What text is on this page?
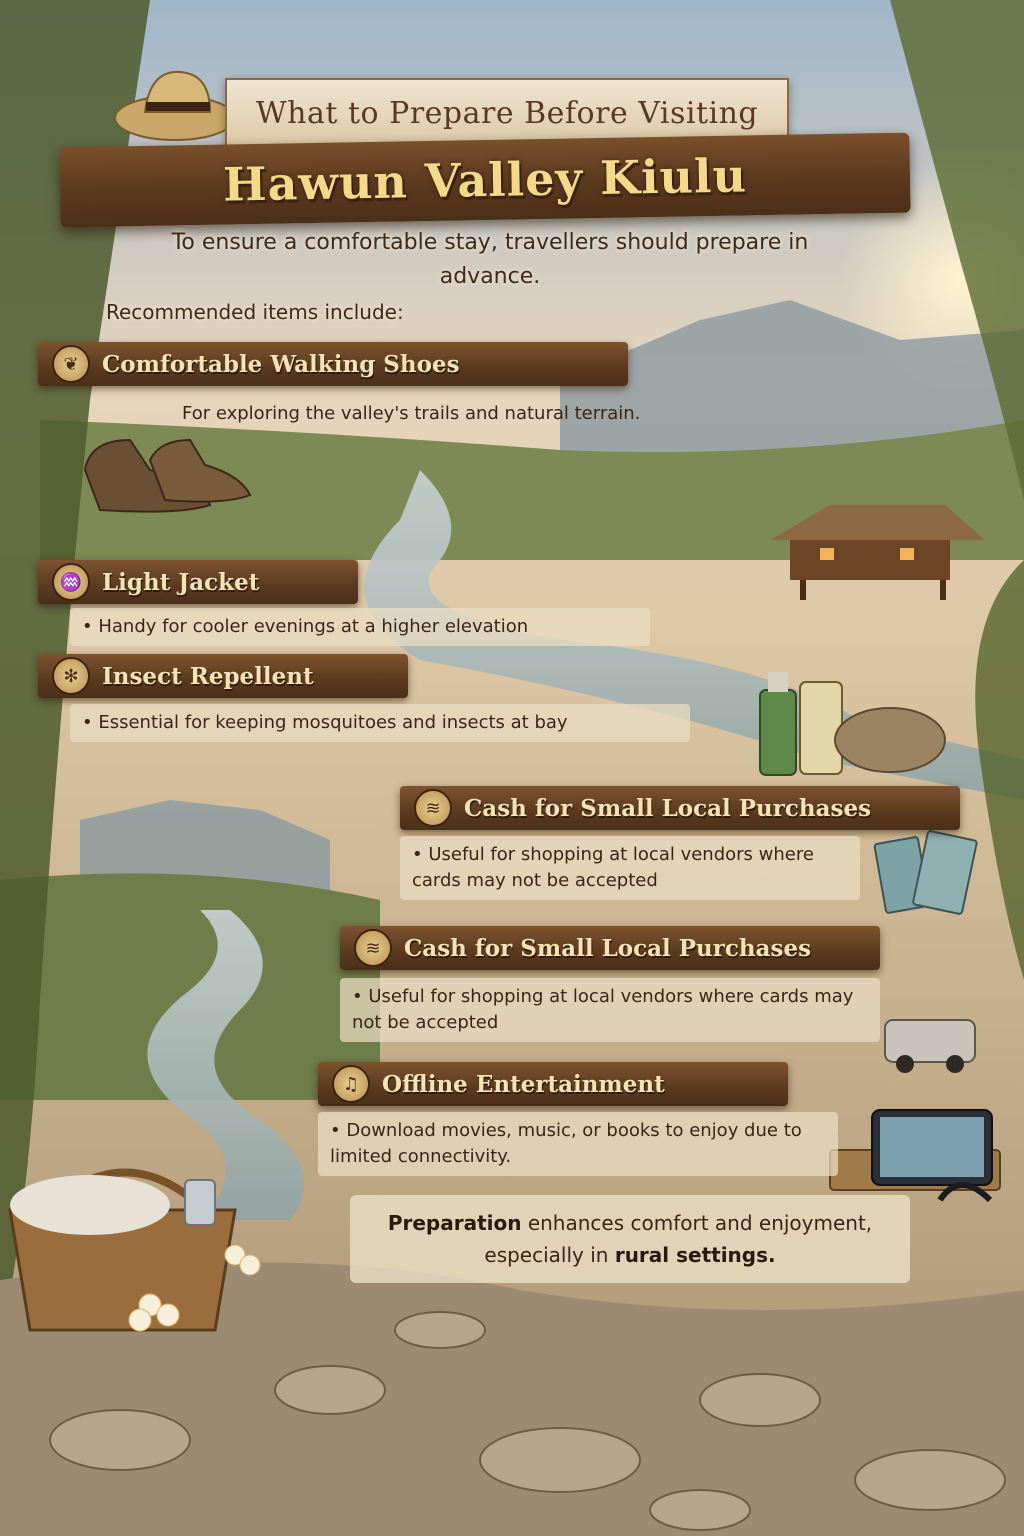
What to Prepare Before Visiting
Hawun Valley Kiulu
To ensure a comfortable stay, travellers should prepare in advance.
Recommended items include:
❦	Comfortable Walking Shoes
For exploring the valley's trails and natural terrain.
♒ Light Jacket
• Handy for cooler evenings at a higher elevation
✻	Insect Repellent
• Essential for keeping mosquitoes and insects at bay
≋	Cash for Small Local Purchases
• Useful for shopping at local vendors where cards may not be accepted
≋	Cash for Small Local Purchases
• Useful for shopping at local vendors where cards may not be accepted
♫ Offline Entertainment
• Download movies, music, or books to enjoy due to limited connectivity.
Preparation enhances comfort and enjoyment, especially in rural settings.
